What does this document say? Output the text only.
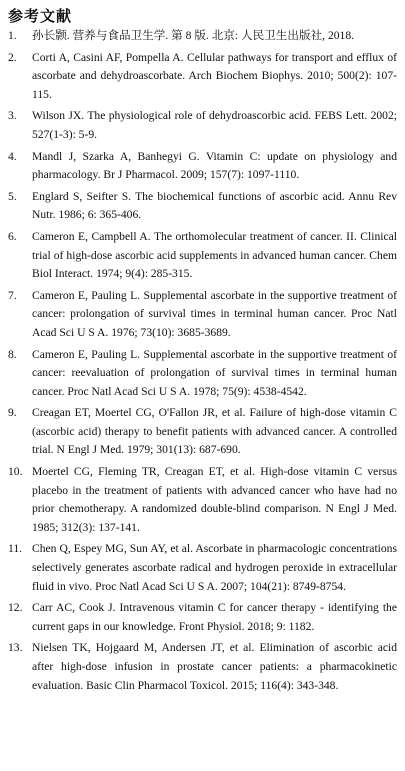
参考文献
1.	孙长颢. 营养与食品卫生学. 第 8 版. 北京: 人民卫生出版社, 2018.
2.	Corti A, Casini AF, Pompella A. Cellular pathways for transport and efflux of ascorbate and dehydroascorbate. Arch Biochem Biophys. 2010; 500(2): 107-115.
3.	Wilson JX. The physiological role of dehydroascorbic acid. FEBS Lett. 2002; 527(1-3): 5-9.
4.	Mandl J, Szarka A, Banhegyi G. Vitamin C: update on physiology and pharmacology. Br J Pharmacol. 2009; 157(7): 1097-1110.
5.	Englard S, Seifter S. The biochemical functions of ascorbic acid. Annu Rev Nutr. 1986; 6: 365-406.
6.	Cameron E, Campbell A. The orthomolecular treatment of cancer. II. Clinical trial of high-dose ascorbic acid supplements in advanced human cancer. Chem Biol Interact. 1974; 9(4): 285-315.
7.	Cameron E, Pauling L. Supplemental ascorbate in the supportive treatment of cancer: prolongation of survival times in terminal human cancer. Proc Natl Acad Sci U S A. 1976; 73(10): 3685-3689.
8.	Cameron E, Pauling L. Supplemental ascorbate in the supportive treatment of cancer: reevaluation of prolongation of survival times in terminal human cancer. Proc Natl Acad Sci U S A. 1978; 75(9): 4538-4542.
9.	Creagan ET, Moertel CG, O'Fallon JR, et al. Failure of high-dose vitamin C (ascorbic acid) therapy to benefit patients with advanced cancer. A controlled trial. N Engl J Med. 1979; 301(13): 687-690.
10. Moertel CG, Fleming TR, Creagan ET, et al. High-dose vitamin C versus placebo in the treatment of patients with advanced cancer who have had no prior chemotherapy. A randomized double-blind comparison. N Engl J Med. 1985; 312(3): 137-141.
11. Chen Q, Espey MG, Sun AY, et al. Ascorbate in pharmacologic concentrations selectively generates ascorbate radical and hydrogen peroxide in extracellular fluid in vivo. Proc Natl Acad Sci U S A. 2007; 104(21): 8749-8754.
12. Carr AC, Cook J. Intravenous vitamin C for cancer therapy - identifying the current gaps in our knowledge. Front Physiol. 2018; 9: 1182.
13. Nielsen TK, Hojgaard M, Andersen JT, et al. Elimination of ascorbic acid after high-dose infusion in prostate cancer patients: a pharmacokinetic evaluation. Basic Clin Pharmacol Toxicol. 2015; 116(4): 343-348.
